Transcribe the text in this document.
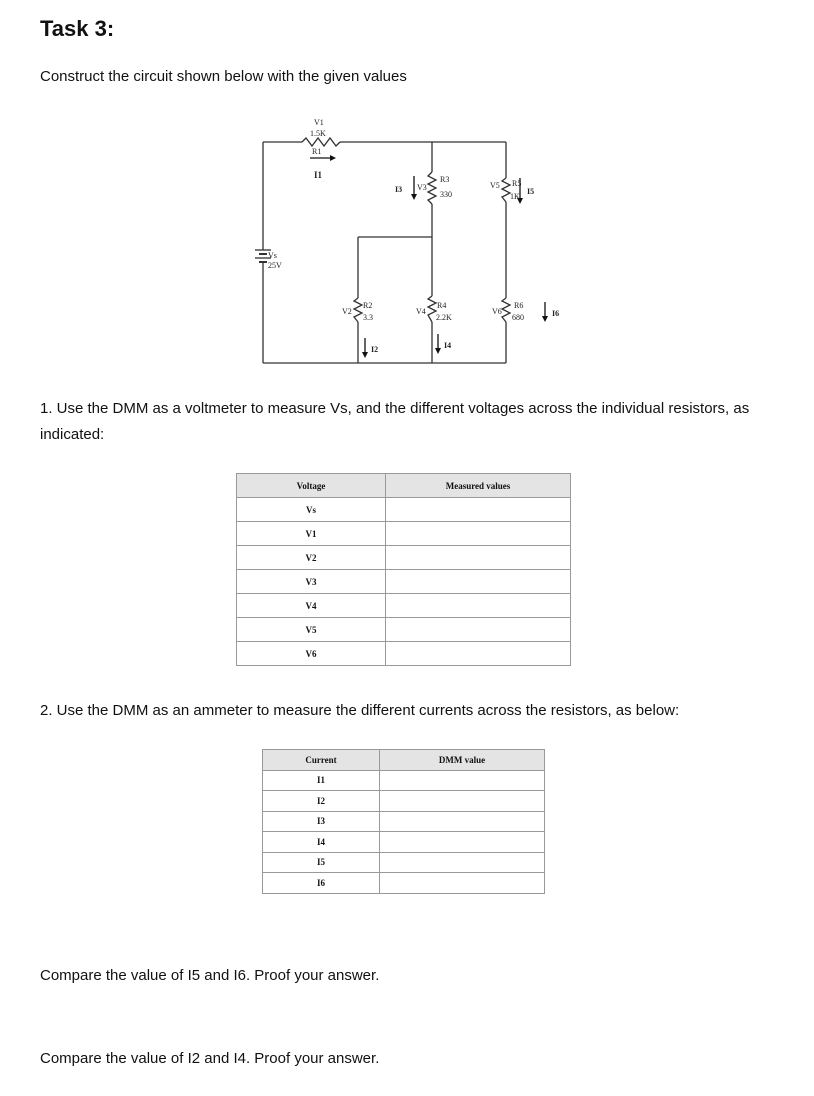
Task 3:
Construct the circuit shown below with the given values
V1
1.5K
R1
I1
Vs
25V
I3 V3
R3
330
V5 R5
1K
I5
V2
R2
3.3
I2
V4
R4
2.2K
I4
V6
R6
680	I6
1. Use the DMM as a voltmeter to measure Vs, and the different voltages across the individual resistors, as indicated:
Voltage	Measured values
Vs	
V1	
V2	
V3	
V4	
V5	
V6	
2. Use the DMM as an ammeter to measure the different currents across the resistors, as below:
Current	DMM value
I1	
I2	
I3	
I4	
I5	
I6	
Compare the value of I5 and I6. Proof your answer.
Compare the value of I2 and I4. Proof your answer.
